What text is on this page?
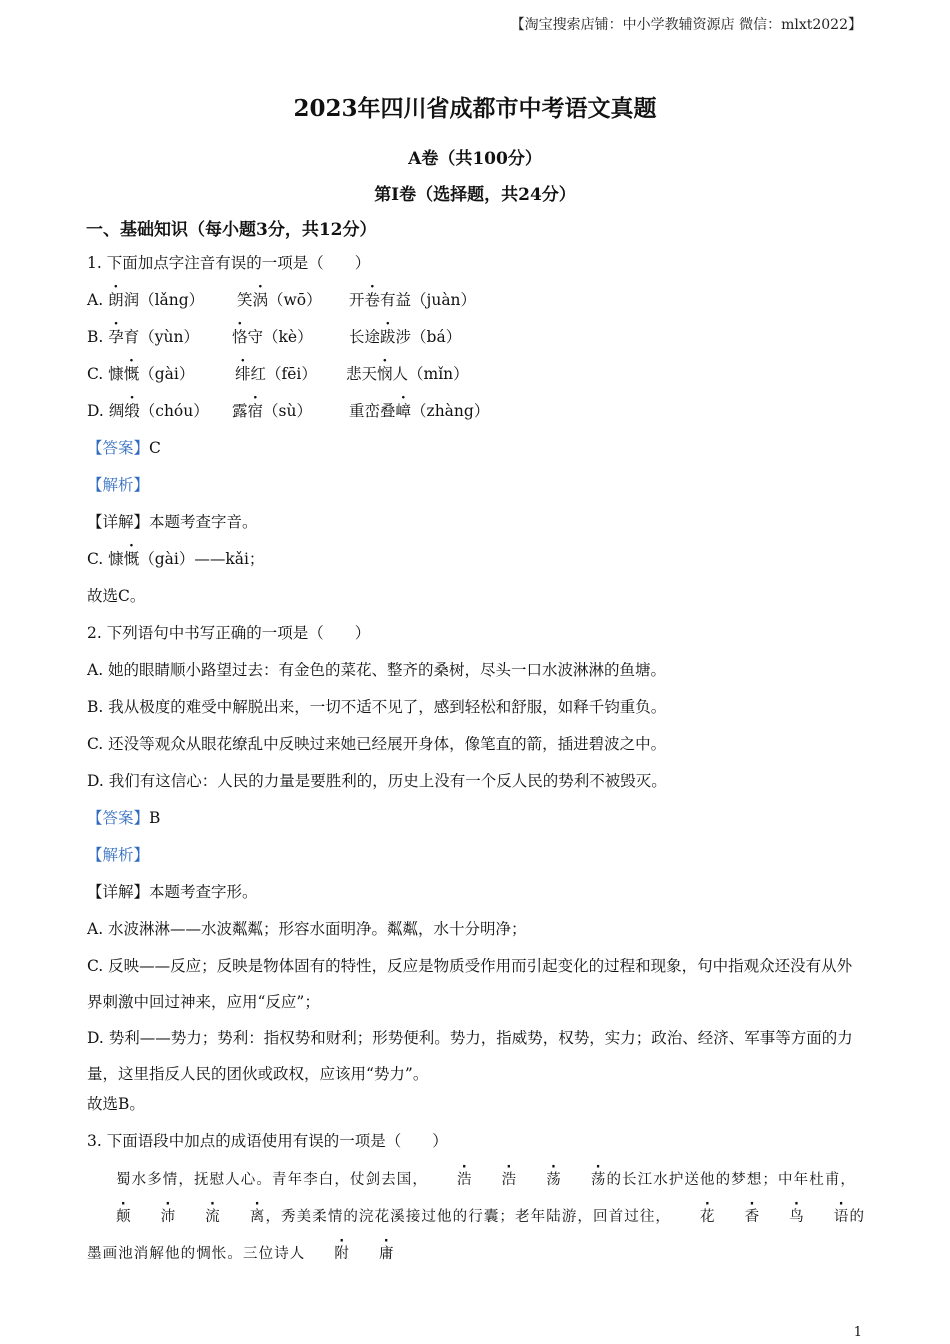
【淘宝搜索店铺：中小学教辅资源店 微信：mlxt2022】
2023年四川省成都市中考语文真题
A卷（共100分）
第Ⅰ卷（选择题，共24分）
一、基础知识（每小题3分，共12分）
1. 下面加点字注音有误的一项是（　　）
A. 朗润（lǎng） 笑涡（wō） 开卷有益（juàn）
B. 孕育（yùn） 恪守（kè） 长途跋涉（bá）
C. 慷慨（gài）	绯红（fēi） 悲天悯人（mǐn）
D. 绸缎（chóu） 露宿（sù） 重峦叠嶂（zhàng）
【答案】C
【解析】
【详解】本题考查字音。
C. 慷慨（gài）——kǎi；
故选C。
2. 下列语句中书写正确的一项是（　　）
A. 她的眼睛顺小路望过去：有金色的菜花、整齐的桑树，尽头一口水波淋淋的鱼塘。
B. 我从极度的难受中解脱出来，一切不适不见了，感到轻松和舒服，如释千钧重负。
C. 还没等观众从眼花缭乱中反映过来她已经展开身体，像笔直的箭，插进碧波之中。
D. 我们有这信心：人民的力量是要胜利的，历史上没有一个反人民的势利不被毁灭。
【答案】B
【解析】
【详解】本题考查字形。
A. 水波淋淋——水波粼粼；形容水面明净。粼粼，水十分明净；
C. 反映——反应；反映是物体固有的特性，反应是物质受作用而引起变化的过程和现象，句中指观众还没有从外界刺激中回过神来，应用“反应”；
D. 势利——势力；势利：指权势和财利；形势便利。势力，指威势，权势，实力；政治、经济、军事等方面的力量，这里指反人民的团伙或政权，应该用“势力”。
故选B。
3. 下面语段中加点的成语使用有误的一项是（　　）
蜀水多情，抚慰人心。青年李白，仗剑去国， 浩 浩 荡 荡的长江水护送他的梦想；中年杜甫，颠 沛 流 离，秀美柔情的浣花溪接过他的行囊；老年陆游，回首过往， 花 香 鸟 语的墨画池消解他的惆怅。三位诗人 附 庸
1
